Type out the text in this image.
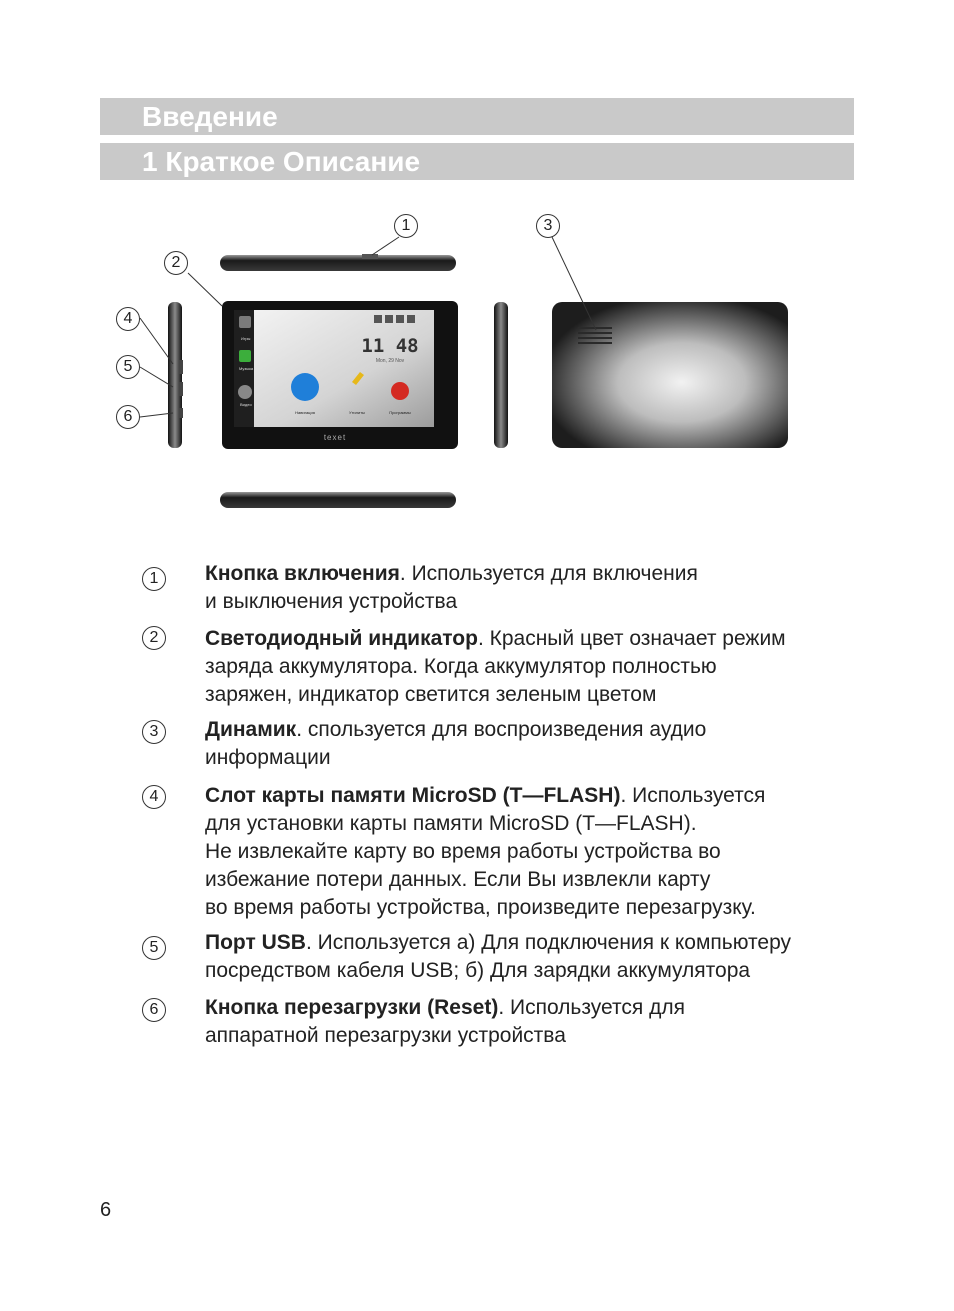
Введение
1 Краткое Описание
11 48
Mon, 29 Nov
Игры
Музыка
Видео
Навигация	Утилиты	Программы
texet
1
2
3
4
5
6
1	Кнопка включения. Используется для включения
и выключения устройства
2	Светодиодный индикатор. Красный цвет означает режим
заряда аккумулятора. Когда аккумулятор полностью
заряжен, индикатор светится зеленым цветом
3	Динамик. спользуется для воспроизведения аудио
информации
4	Слот карты памяти MicroSD (T—FLASH). Используется
для установки карты памяти MicroSD (T—FLASH).
Не извлекайте карту во время работы устройства во
избежание потери данных. Если Вы извлекли карту
во время работы устройства, произведите перезагрузку.
5	Порт USB. Используется а) Для подключения к компьютеру
посредством кабеля USB; б) Для зарядки аккумулятора
6	Кнопка перезагрузки (Reset). Используется для
аппаратной перезагрузки устройства
6
